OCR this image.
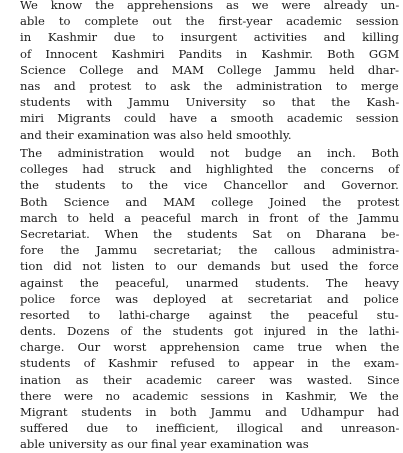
We know the apprehensions as we were already un-
able to complete out the first-year academic session
in Kashmir due to insurgent activities and killing
of Innocent Kashmiri Pandits in Kashmir. Both GGM
Science College and MAM College Jammu held dhar-
nas and protest to ask the administration to merge
students with Jammu University so that the Kash-
miri Migrants could have a smooth academic session
and their examination was also held smoothly.
The administration would not budge an inch. Both
colleges had struck and highlighted the concerns of
the students to the vice Chancellor and Governor.
Both Science and MAM college Joined the protest
march to held a peaceful march in front of the Jammu
Secretariat. When the students Sat on Dharana be-
fore the Jammu secretariat; the callous administra-
tion did not listen to our demands but used the force
against the peaceful, unarmed students. The heavy
police force was deployed at secretariat and police
resorted to lathi-charge against the peaceful stu-
dents. Dozens of the students got injured in the lathi-
charge. Our worst apprehension came true when the
students of Kashmir refused to appear in the exam-
ination as their academic career was wasted. Since
there were no academic sessions in Kashmir, We the
Migrant students in both Jammu and Udhampur had
suffered due to inefficient, illogical and unreason-
able university as our final year examination was
